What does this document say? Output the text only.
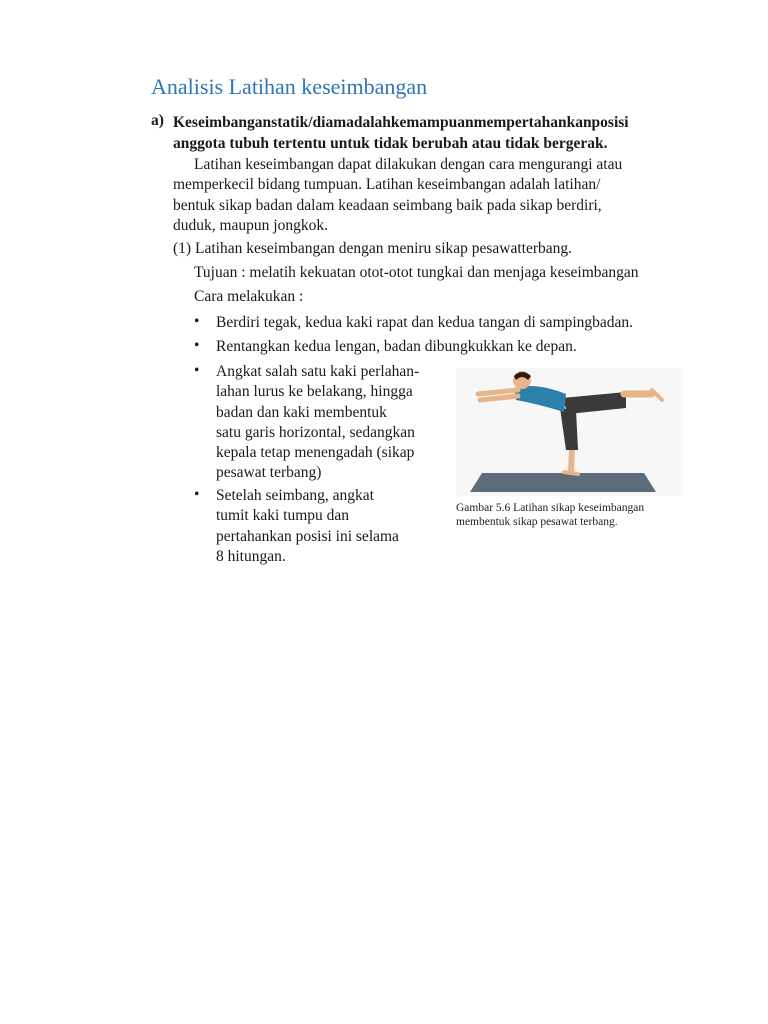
Analisis Latihan keseimbangan
a) Keseimbanganstatik/diamadalahkemampuanmempertahankanposisi
anggota tubuh tertentu untuk tidak berubah atau tidak bergerak.
Latihan keseimbangan dapat dilakukan dengan cara mengurangi atau
memperkecil bidang tumpuan. Latihan keseimbangan adalah latihan/
bentuk sikap badan dalam keadaan seimbang baik pada sikap berdiri,
duduk, maupun jongkok.
(1) Latihan keseimbangan dengan meniru sikap pesawatterbang.
Tujuan : melatih kekuatan otot-otot tungkai dan menjaga keseimbangan
Cara melakukan :
• Berdiri tegak, kedua kaki rapat dan kedua tangan di sampingbadan.
• Rentangkan kedua lengan, badan dibungkukkan ke depan.
• Angkat salah satu kaki perlahan-
lahan lurus ke belakang, hingga
badan dan kaki membentuk
satu garis horizontal, sedangkan
kepala tetap menengadah (sikap
pesawat terbang)
• Setelah seimbang, angkat
tumit kaki tumpu dan
pertahankan posisi ini selama
8 hitungan.
Gambar 5.6 Latihan sikap keseimbangan
membentuk sikap pesawat terbang.
